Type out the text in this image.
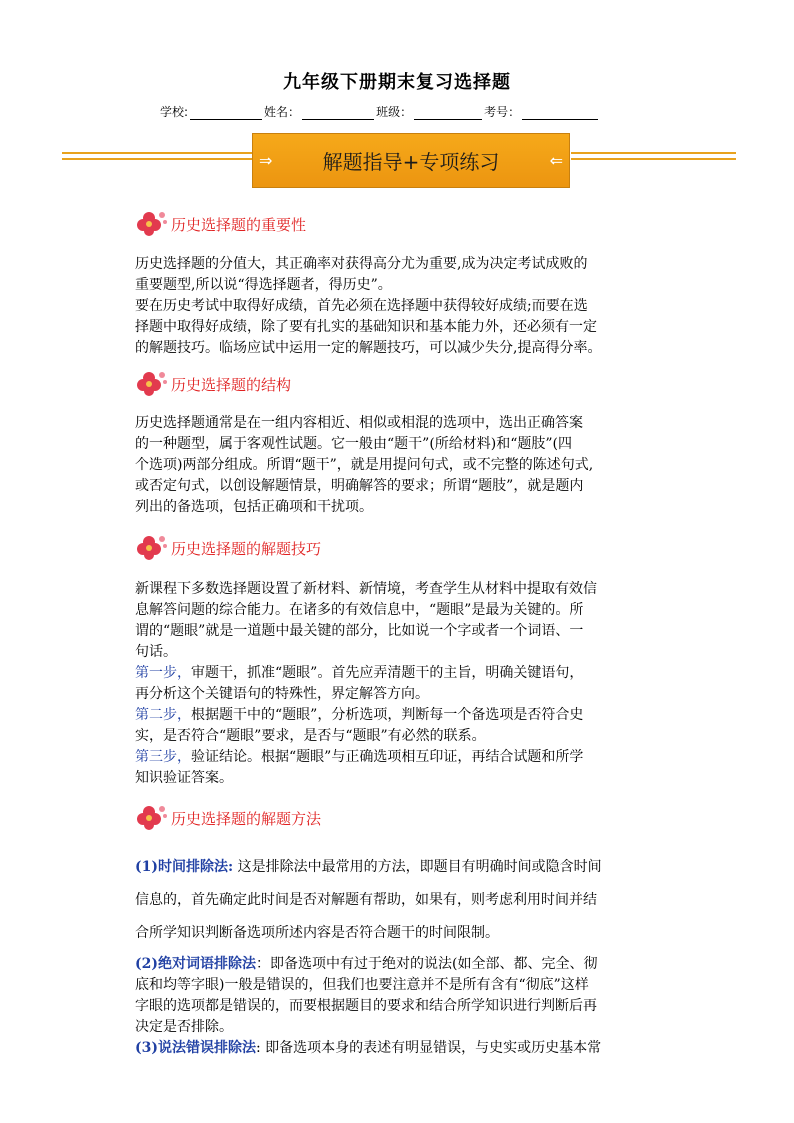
九年级下册期末复习选择题
学校:	姓名：	班级：	考号：
⇒	解题指导+专项练习	⇐
历史选择题的重要性
历史选择题的分值大，其正确率对获得高分尤为重要,成为决定考试成败的
重要题型,所以说“得选择题者，得历史”。
要在历史考试中取得好成绩，首先必须在选择题中获得较好成绩;而要在选
择题中取得好成绩，除了要有扎实的基础知识和基本能力外，还必须有一定
的解题技巧。临场应试中运用一定的解题技巧，可以减少失分,提高得分率。
历史选择题的结构
历史选择题通常是在一组内容相近、相似或相混的选项中，选出正确答案
的一种题型，属于客观性试题。它一般由“题干”(所给材料)和“题肢”(四
个选项)两部分组成。所谓“题干”，就是用提问句式，或不完整的陈述句式,
或否定句式，以创设解题情景，明确解答的要求；所谓“题肢”，就是题内
列出的备选项，包括正确项和干扰项。
历史选择题的解题技巧
新课程下多数选择题设置了新材料、新情境，考查学生从材料中提取有效信
息解答问题的综合能力。在诸多的有效信息中，“题眼”是最为关键的。所
谓的“题眼”就是一道题中最关键的部分，比如说一个字或者一个词语、一
句话。
第一步，审题干，抓准“题眼”。首先应弄清题干的主旨，明确关键语句，
再分析这个关键语句的特殊性，界定解答方向。
第二步，根据题干中的“题眼”，分析选项，判断每一个备选项是否符合史
实，是否符合“题眼”要求，是否与“题眼”有必然的联系。
第三步，验证结论。根据“题眼”与正确选项相互印证，再结合试题和所学
知识验证答案。
历史选择题的解题方法
(1)时间排除法: 这是排除法中最常用的方法，即题目有明确时间或隐含时间
信息的，首先确定此时间是否对解题有帮助，如果有，则考虑利用时间并结
合所学知识判断备选项所述内容是否符合题干的时间限制。
(2)绝对词语排除法：即备选项中有过于绝对的说法(如全部、都、完全、彻
底和均等字眼)一般是错误的，但我们也要注意并不是所有含有“彻底”这样
字眼的选项都是错误的，而要根据题目的要求和结合所学知识进行判断后再
决定是否排除。
(3)说法错误排除法: 即备选项本身的表述有明显错误，与史实或历史基本常
